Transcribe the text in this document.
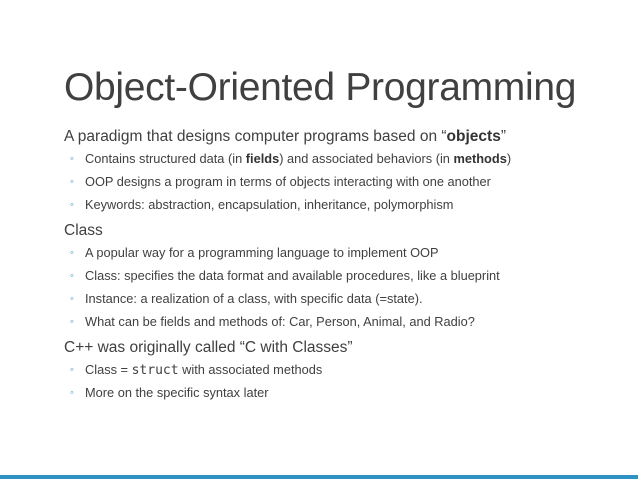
Object-Oriented Programming
A paradigm that designs computer programs based on “objects”
◦ Contains structured data (in fields) and associated behaviors (in methods)
◦ OOP designs a program in terms of objects interacting with one another
◦ Keywords: abstraction, encapsulation, inheritance, polymorphism
Class
◦ A popular way for a programming language to implement OOP
◦ Class: specifies the data format and available procedures, like a blueprint
◦ Instance: a realization of a class, with specific data (=state).
◦ What can be fields and methods of: Car, Person, Animal, and Radio?
C++ was originally called “C with Classes”
◦ Class = struct with associated methods
◦ More on the specific syntax later
